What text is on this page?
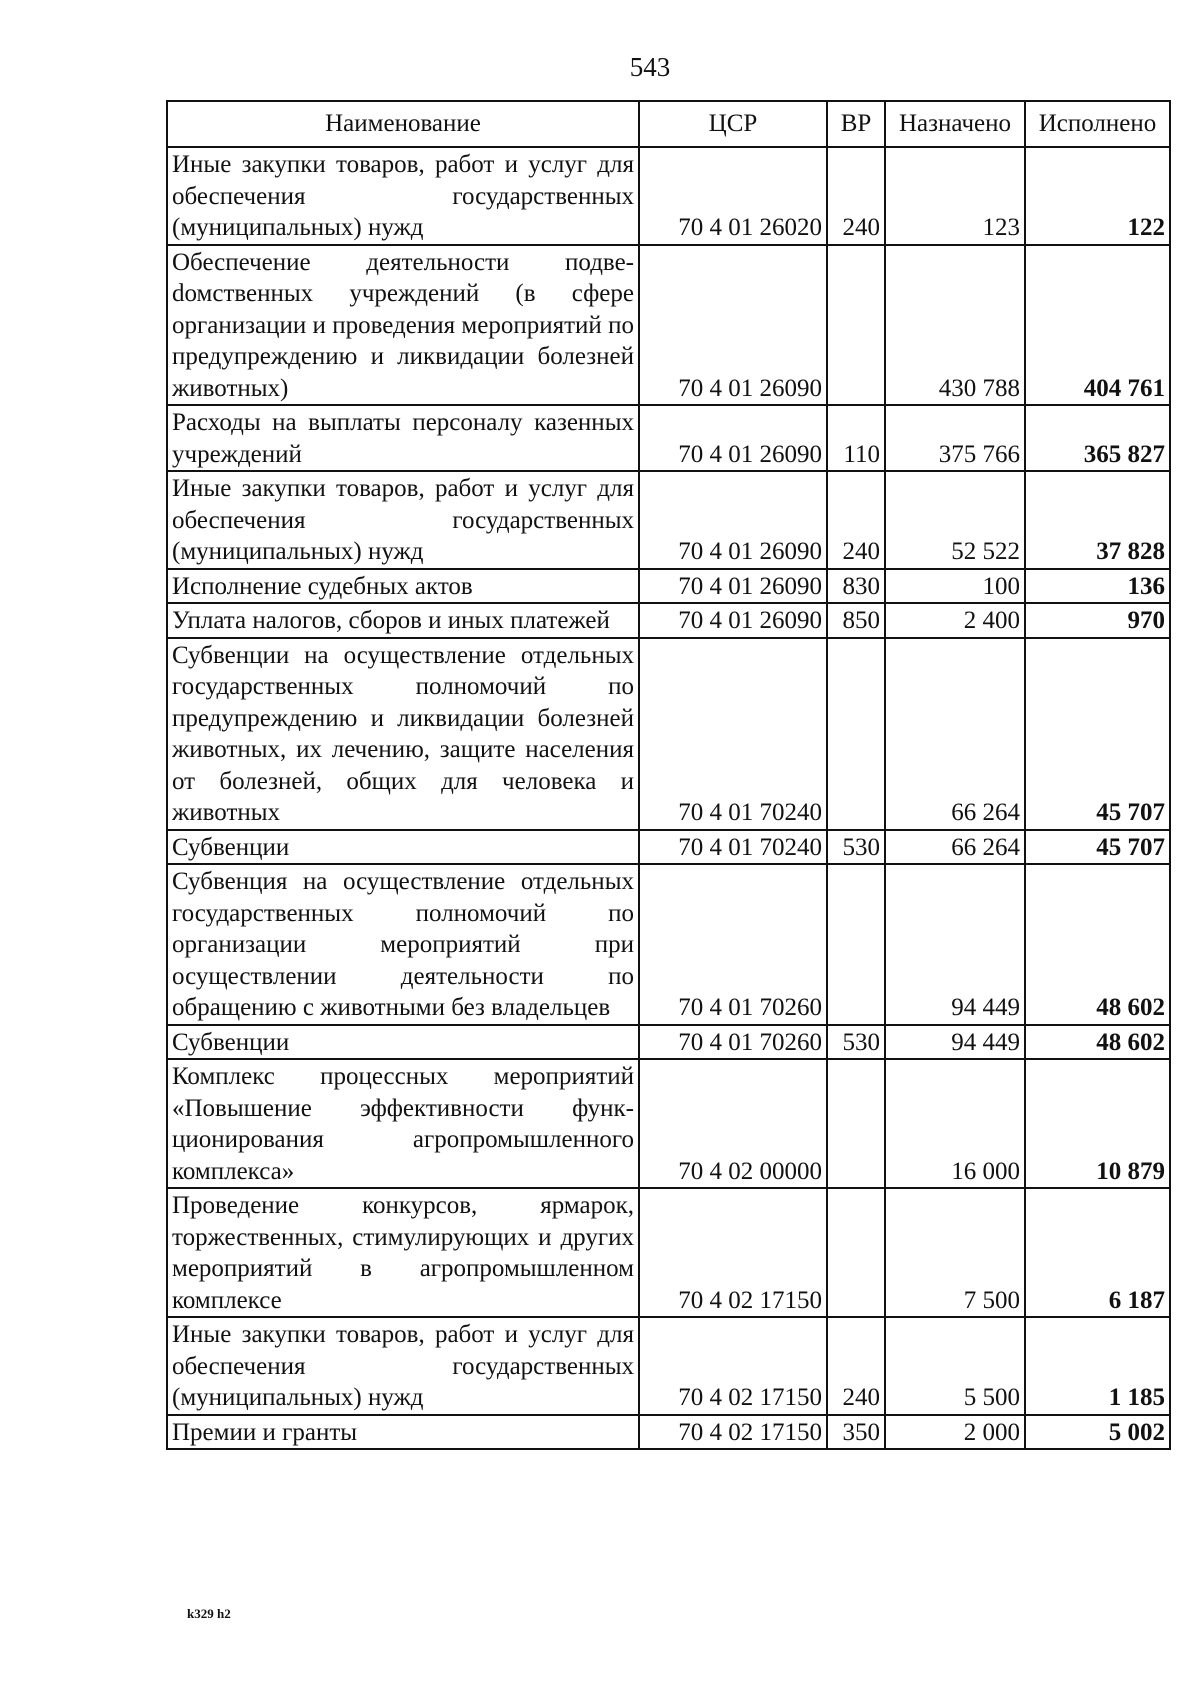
543
Наименование	ЦСР	ВР	Назначено	Исполнено
Иные закупки товаров, работ и услуг для обеспечения государственных (муниципальных) нужд	70 4 01 26020	240	123	122
Обеспечение деятельности подвеdомственных учреждений (в сфере организации и проведения мероприятий по предупреждению и ликвидации болезней животных)	70 4 01 26090		430 788	404 761
Расходы на выплаты персоналу казенных учреждений	70 4 01 26090	110	375 766	365 827
Иные закупки товаров, работ и услуг для обеспечения государственных (муниципальных) нужд	70 4 01 26090	240	52 522	37 828
Исполнение судебных актов	70 4 01 26090	830	100	136
Уплата налогов, сборов и иных платежей	70 4 01 26090	850	2 400	970
Субвенции на осуществление отдельных государственных полномочий по предупреждению и ликвидации болезней животных, их лечению, защите населения от болезней, общих для человека и животных	70 4 01 70240		66 264	45 707
Субвенции	70 4 01 70240	530	66 264	45 707
Субвенция на осуществление отдельных государственных полномочий по организации мероприятий при осуществлении деятельности по обращению с животными без владельцев	70 4 01 70260		94 449	48 602
Субвенции	70 4 01 70260	530	94 449	48 602
Комплекс процессных мероприятий «Повышение эффективности функционирования агропромышленного комплекса»	70 4 02 00000		16 000	10 879
Проведение конкурсов, ярмарок, торжественных, стимулирующих и других мероприятий в агропромышленном комплексе	70 4 02 17150		7 500	6 187
Иные закупки товаров, работ и услуг для обеспечения государственных (муниципальных) нужд	70 4 02 17150	240	5 500	1 185
Премии и гранты	70 4 02 17150	350	2 000	5 002
k329 h2
